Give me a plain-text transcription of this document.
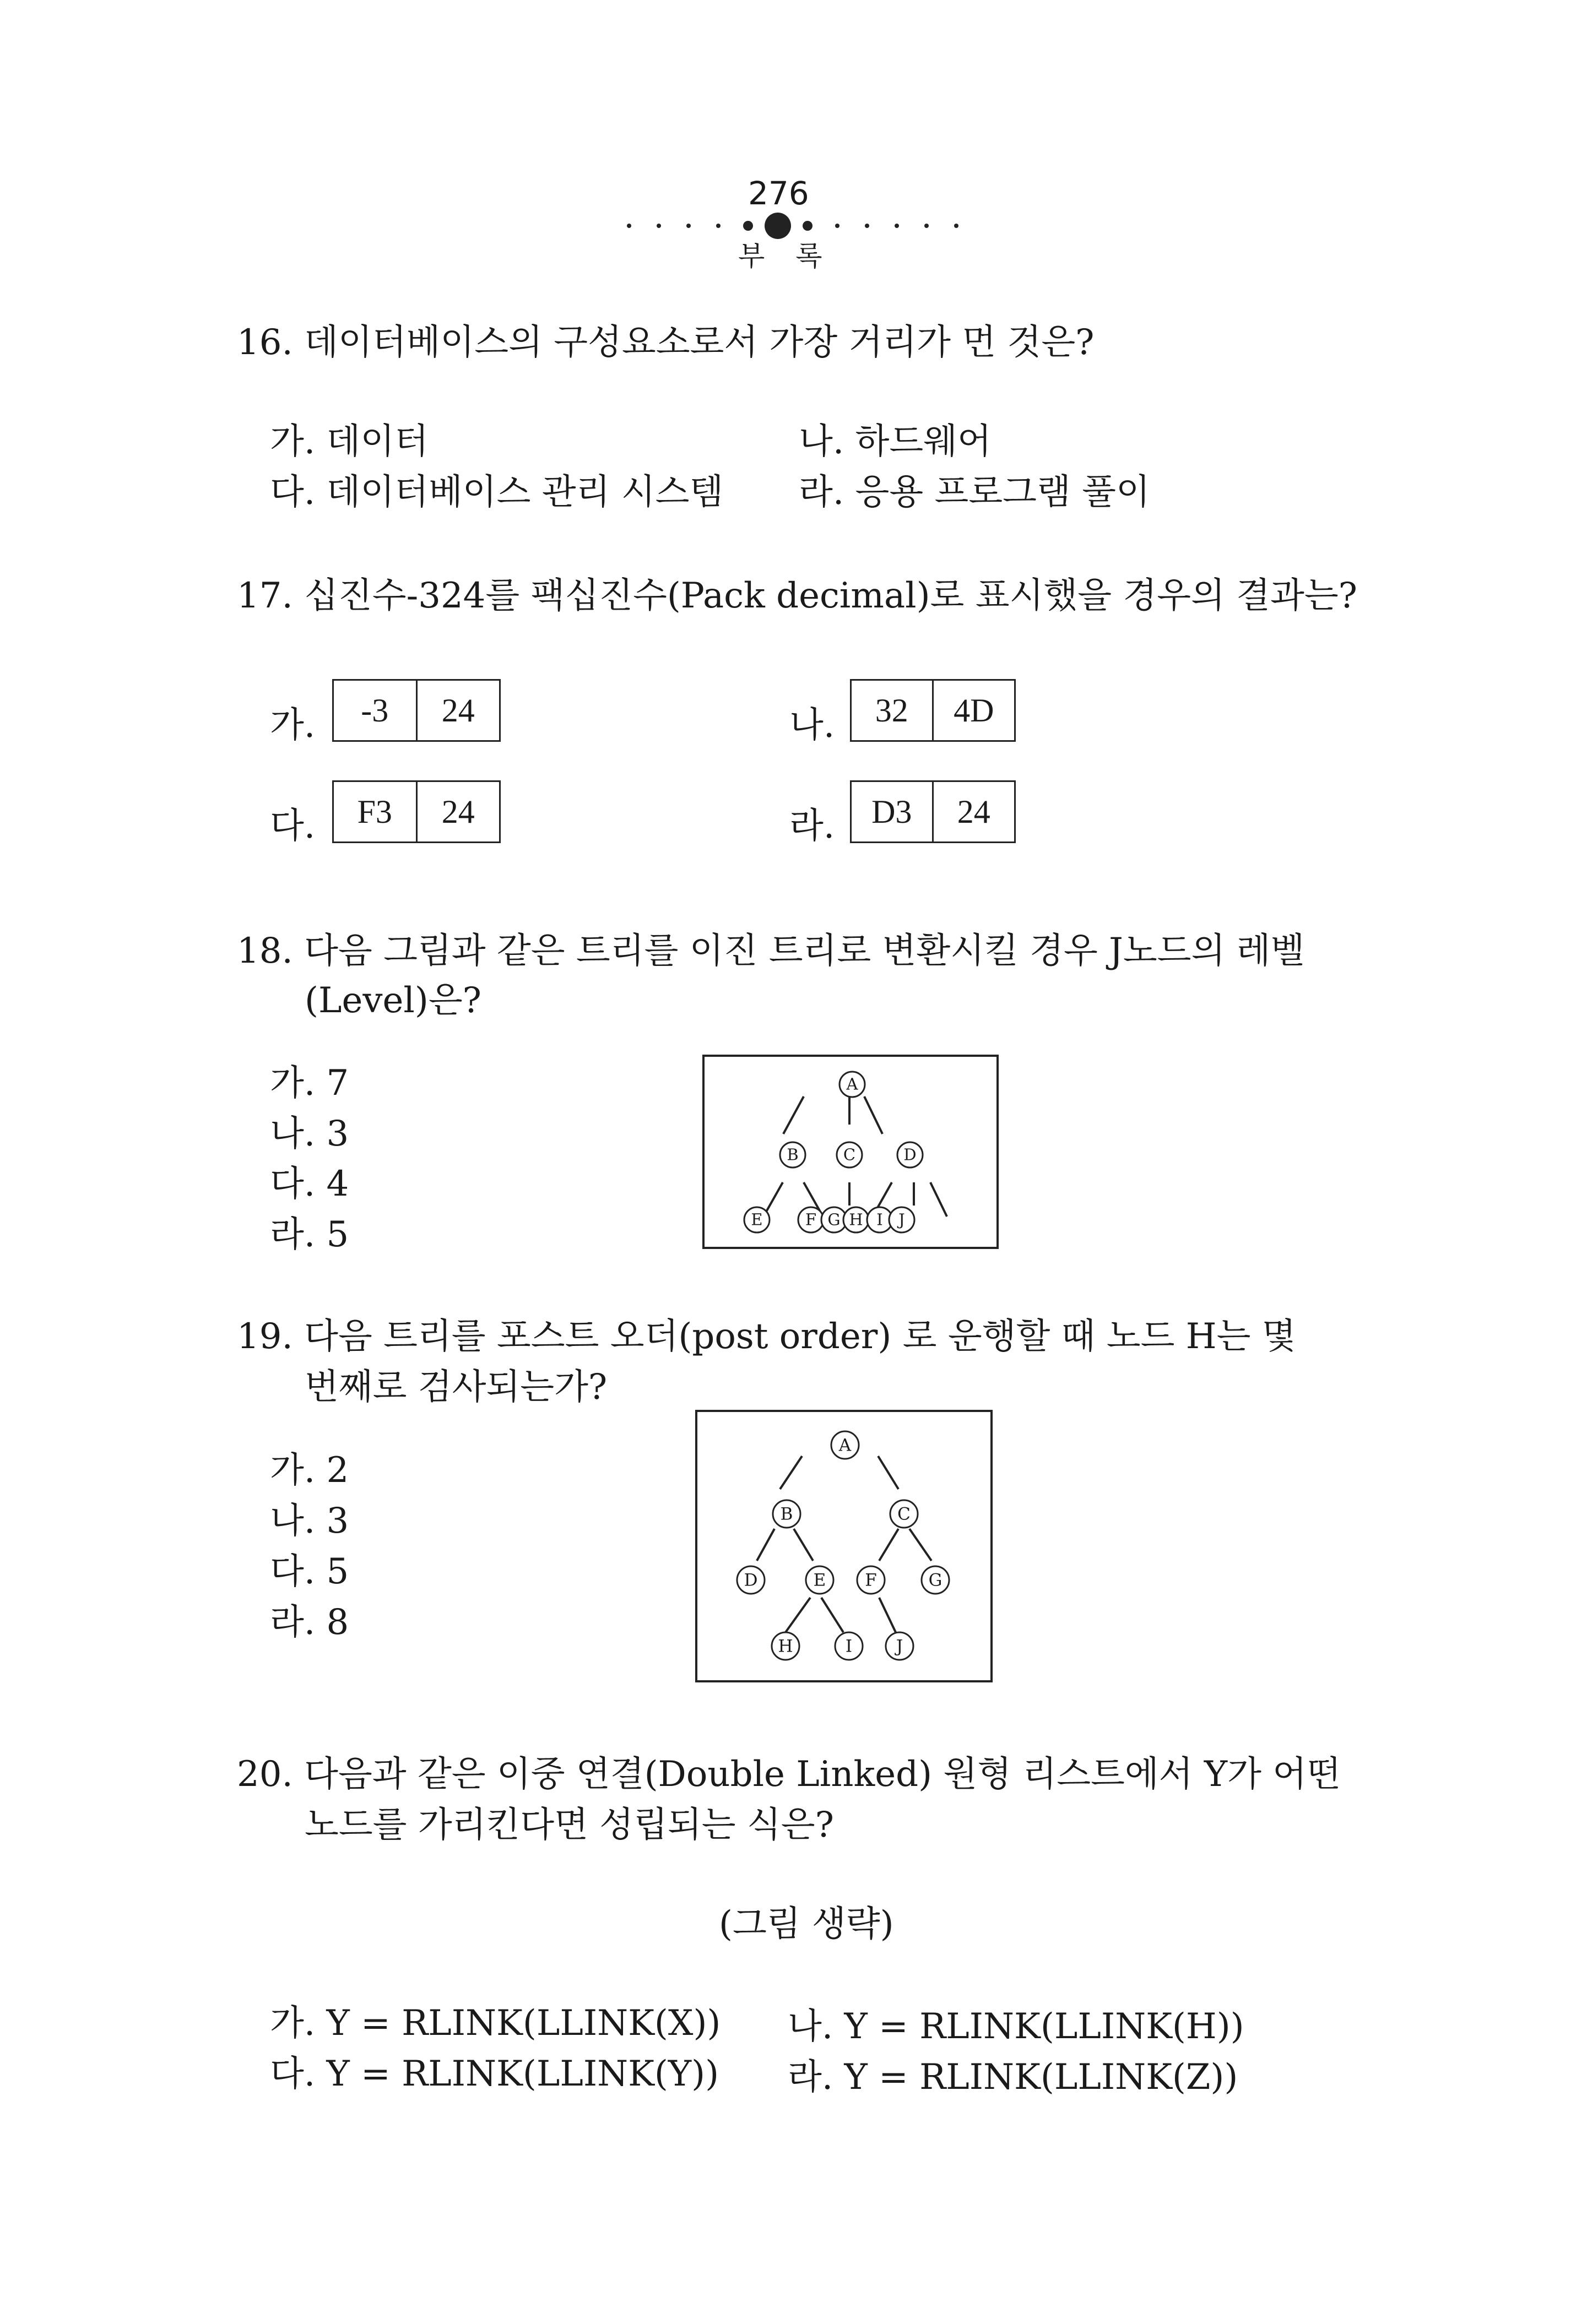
276
부 록
16. 데이터베이스의 구성요소로서 가장 거리가 먼 것은?
가. 데이터	나. 하드웨어
다. 데이터베이스 관리 시스템 라. 응용 프로그램 풀이
17. 십진수-324를 팩십진수(Pack decimal)로 표시했을 경우의 결과는?
가.	-3	24	나.	32	4D
다.	F3	24	라.	D3	24
18. 다음 그림과 같은 트리를 이진 트리로 변환시킬 경우 J노드의 레벨
(Level)은?
가. 7
나. 3
다. 4
라. 5
A
B	C	D
E	F G H I J
19. 다음 트리를 포스트 오더(post order) 로 운행할 때 노드 H는 몇
번째로 검사되는가?
가. 2
나. 3
다. 5
라. 8
A
B	C
D	E F	G
H	I	J
20. 다음과 같은 이중 연결(Double Linked) 원형 리스트에서 Y가 어떤
노드를 가리킨다면 성립되는 식은?
(그림 생략)
가. Y = RLINK(LLINK(X)) 나. Y = RLINK(LLINK(H))
다. Y = RLINK(LLINK(Y)) 라. Y = RLINK(LLINK(Z))
